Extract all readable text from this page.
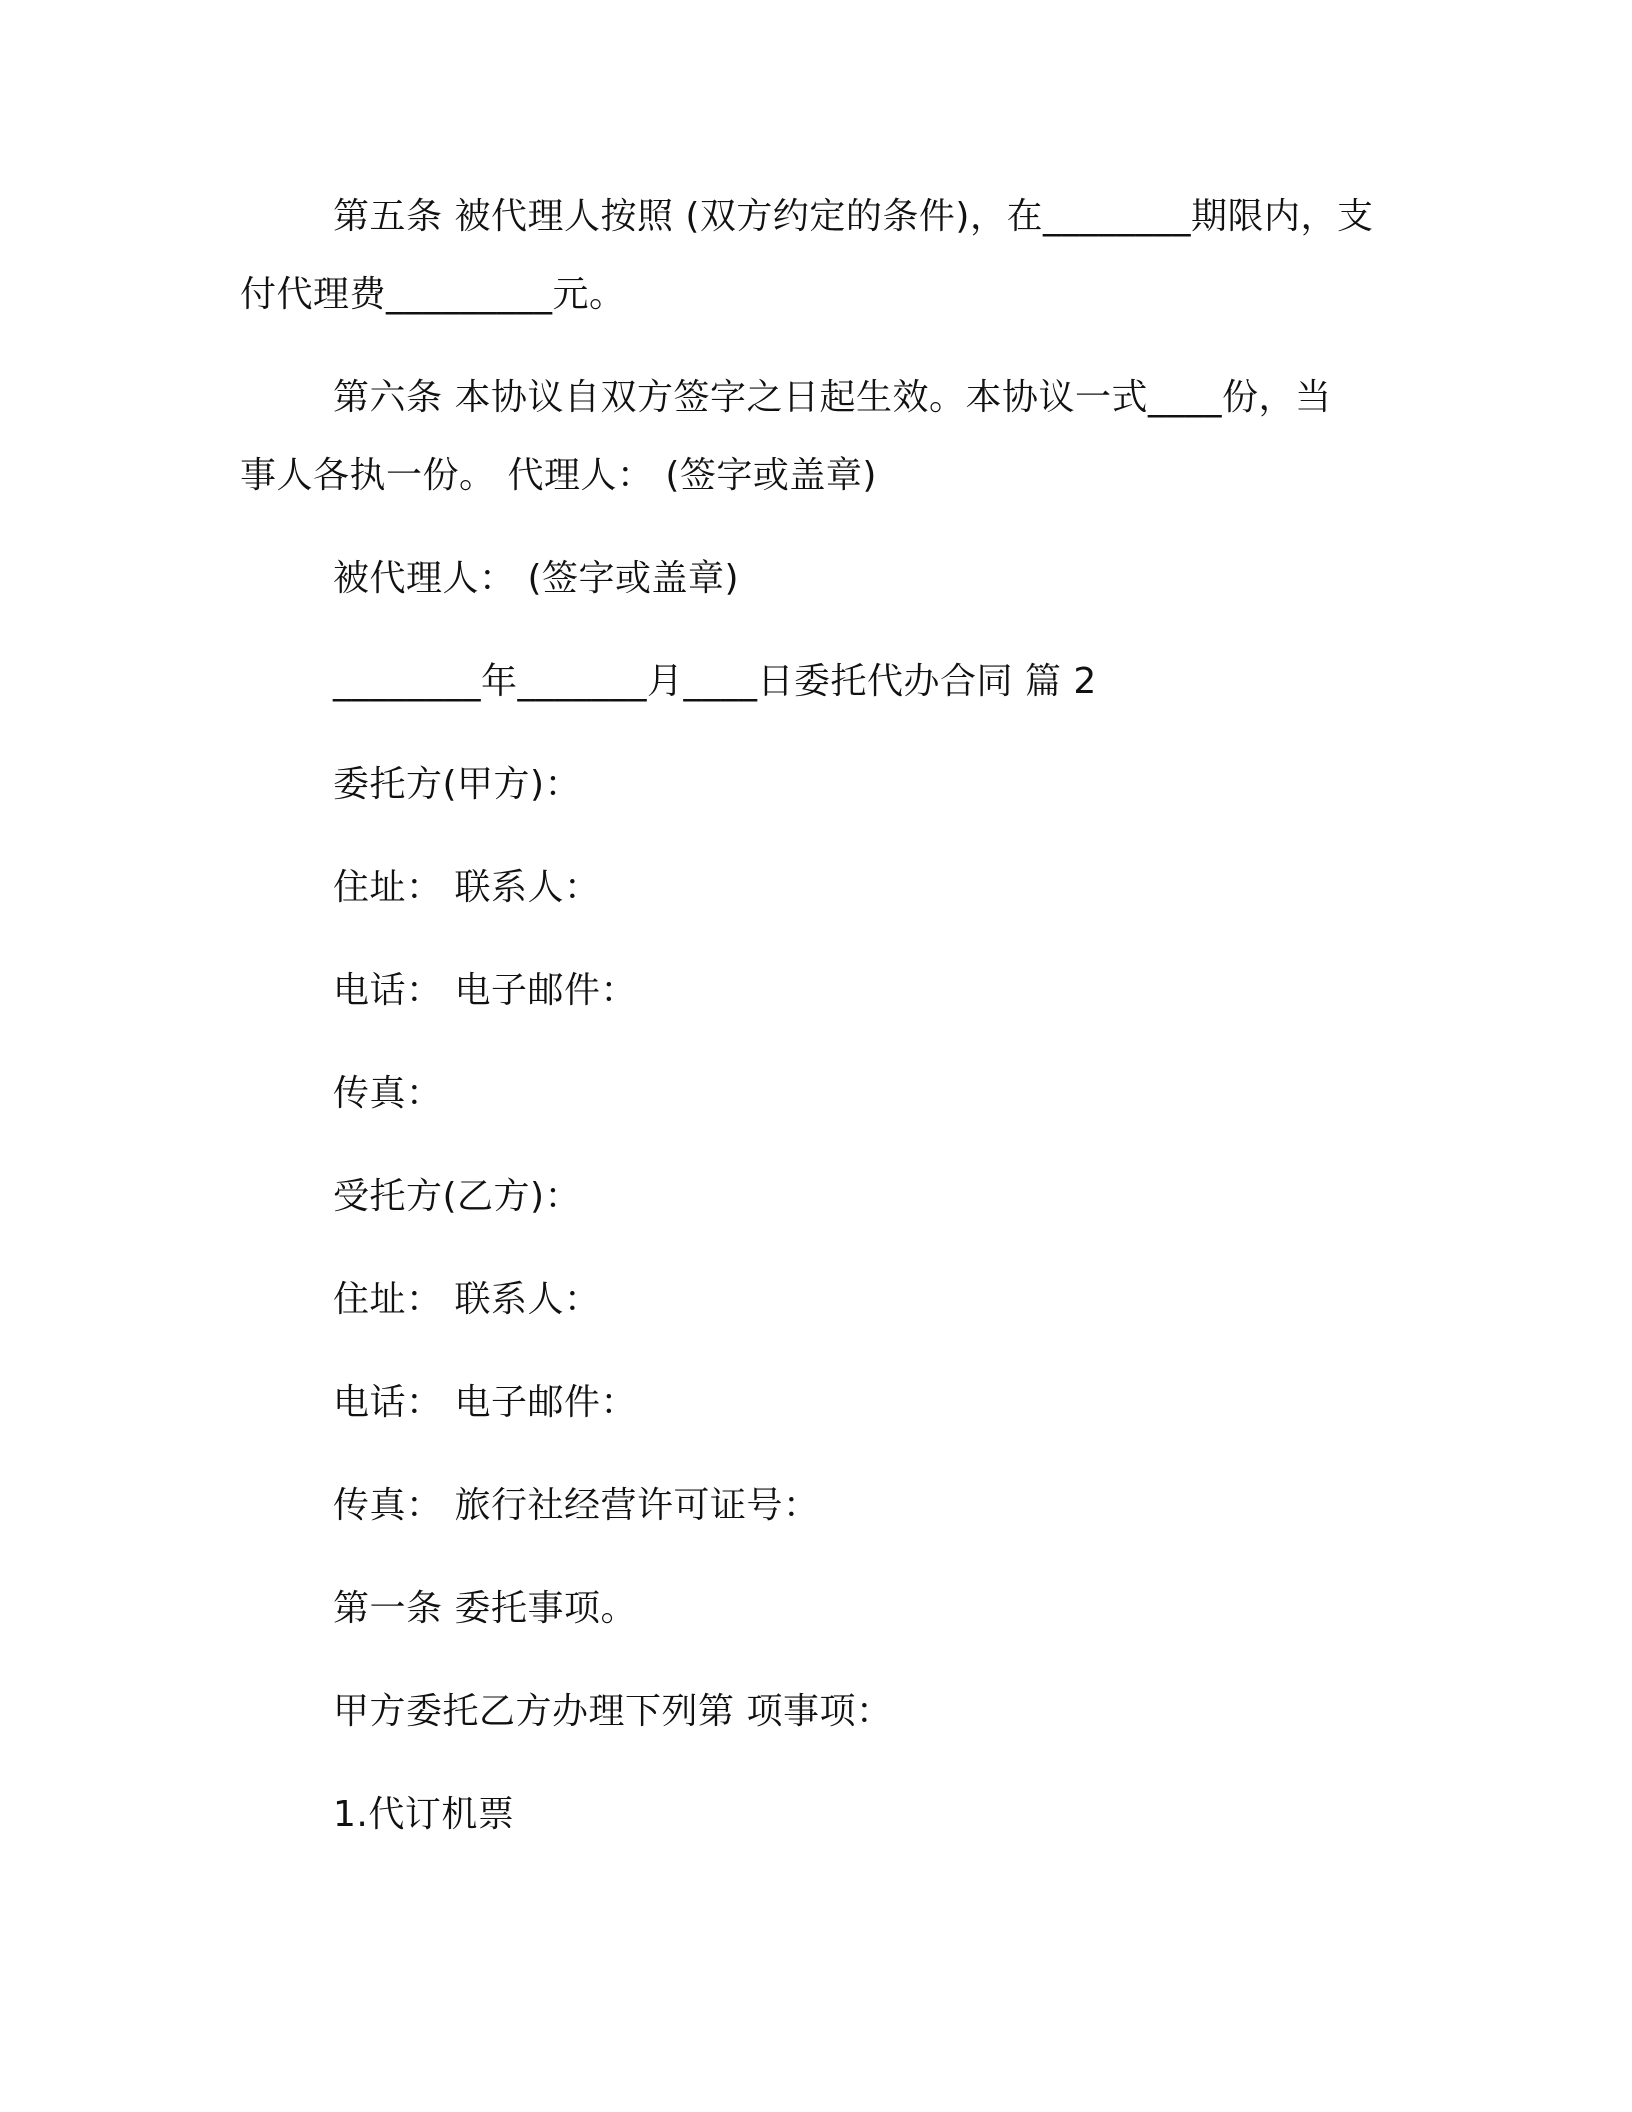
第五条 被代理人按照 (双方约定的条件)，在________期限内，支

付代理费_________元。

第六条 本协议自双方签字之日起生效。本协议一式____份，当

事人各执一份。 代理人： (签字或盖章)

被代理人： (签字或盖章)

________年_______月____日委托代办合同 篇 2

委托方(甲方)：

住址： 联系人：

电话： 电子邮件：

传真：

受托方(乙方)：

住址： 联系人：

电话： 电子邮件：

传真： 旅行社经营许可证号：

第一条 委托事项。

甲方委托乙方办理下列第 项事项：

1.代订机票
